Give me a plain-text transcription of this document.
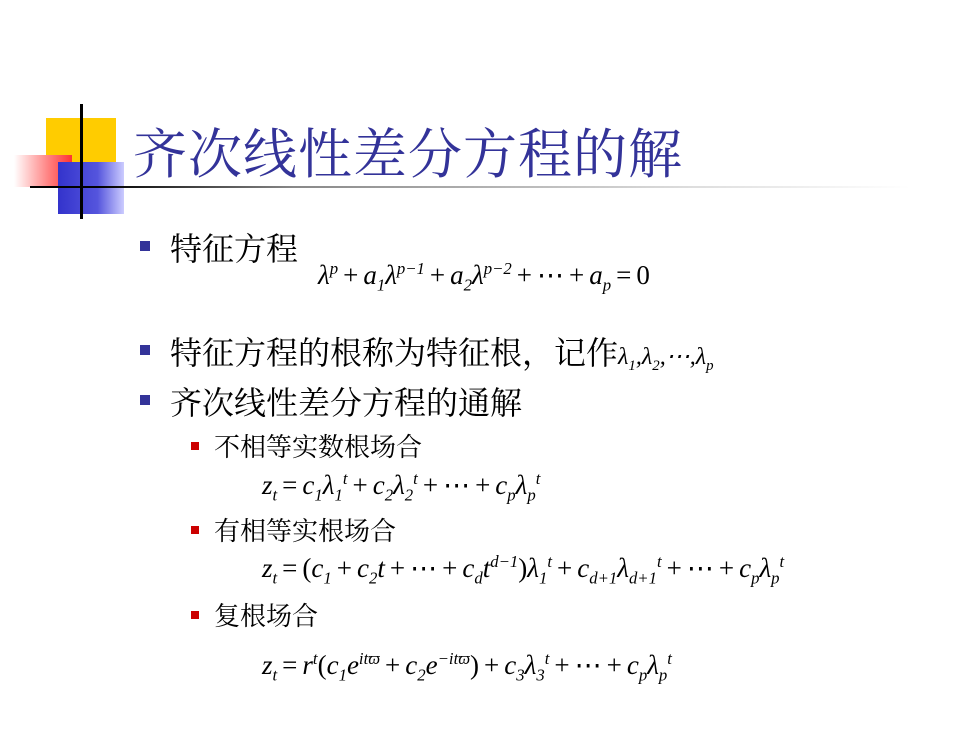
齐次线性差分方程的解
特征方程
$\lambda^p + a_1\lambda^{p-1} + a_2\lambda^{p-2}$ + ⋯ + $a_p = 0$
特征方程的根称为特征根，记作$\lambda_1,\lambda_2,\cdots,\lambda_p$
齐次线性差分方程的通解
不相等实数根场合
$z_t = c_1\lambda_1^t + c_2\lambda_2^t$ + ⋯ + $c_p\lambda_p^t$
有相等实根场合
$z_t = (c_1 + c_2t$ + ⋯ + $c_dt^{d-1})\lambda_1^t + c_{d+1}\lambda_{d+1}^t$ + ⋯ + $c_p\lambda_p^t$
复根场合
$z_t = r^t(c_1e^{itϖ} + c_2e^{-itϖ}) + c_3\lambda_3^t$ + ⋯ + $c_p\lambda_p^t$
